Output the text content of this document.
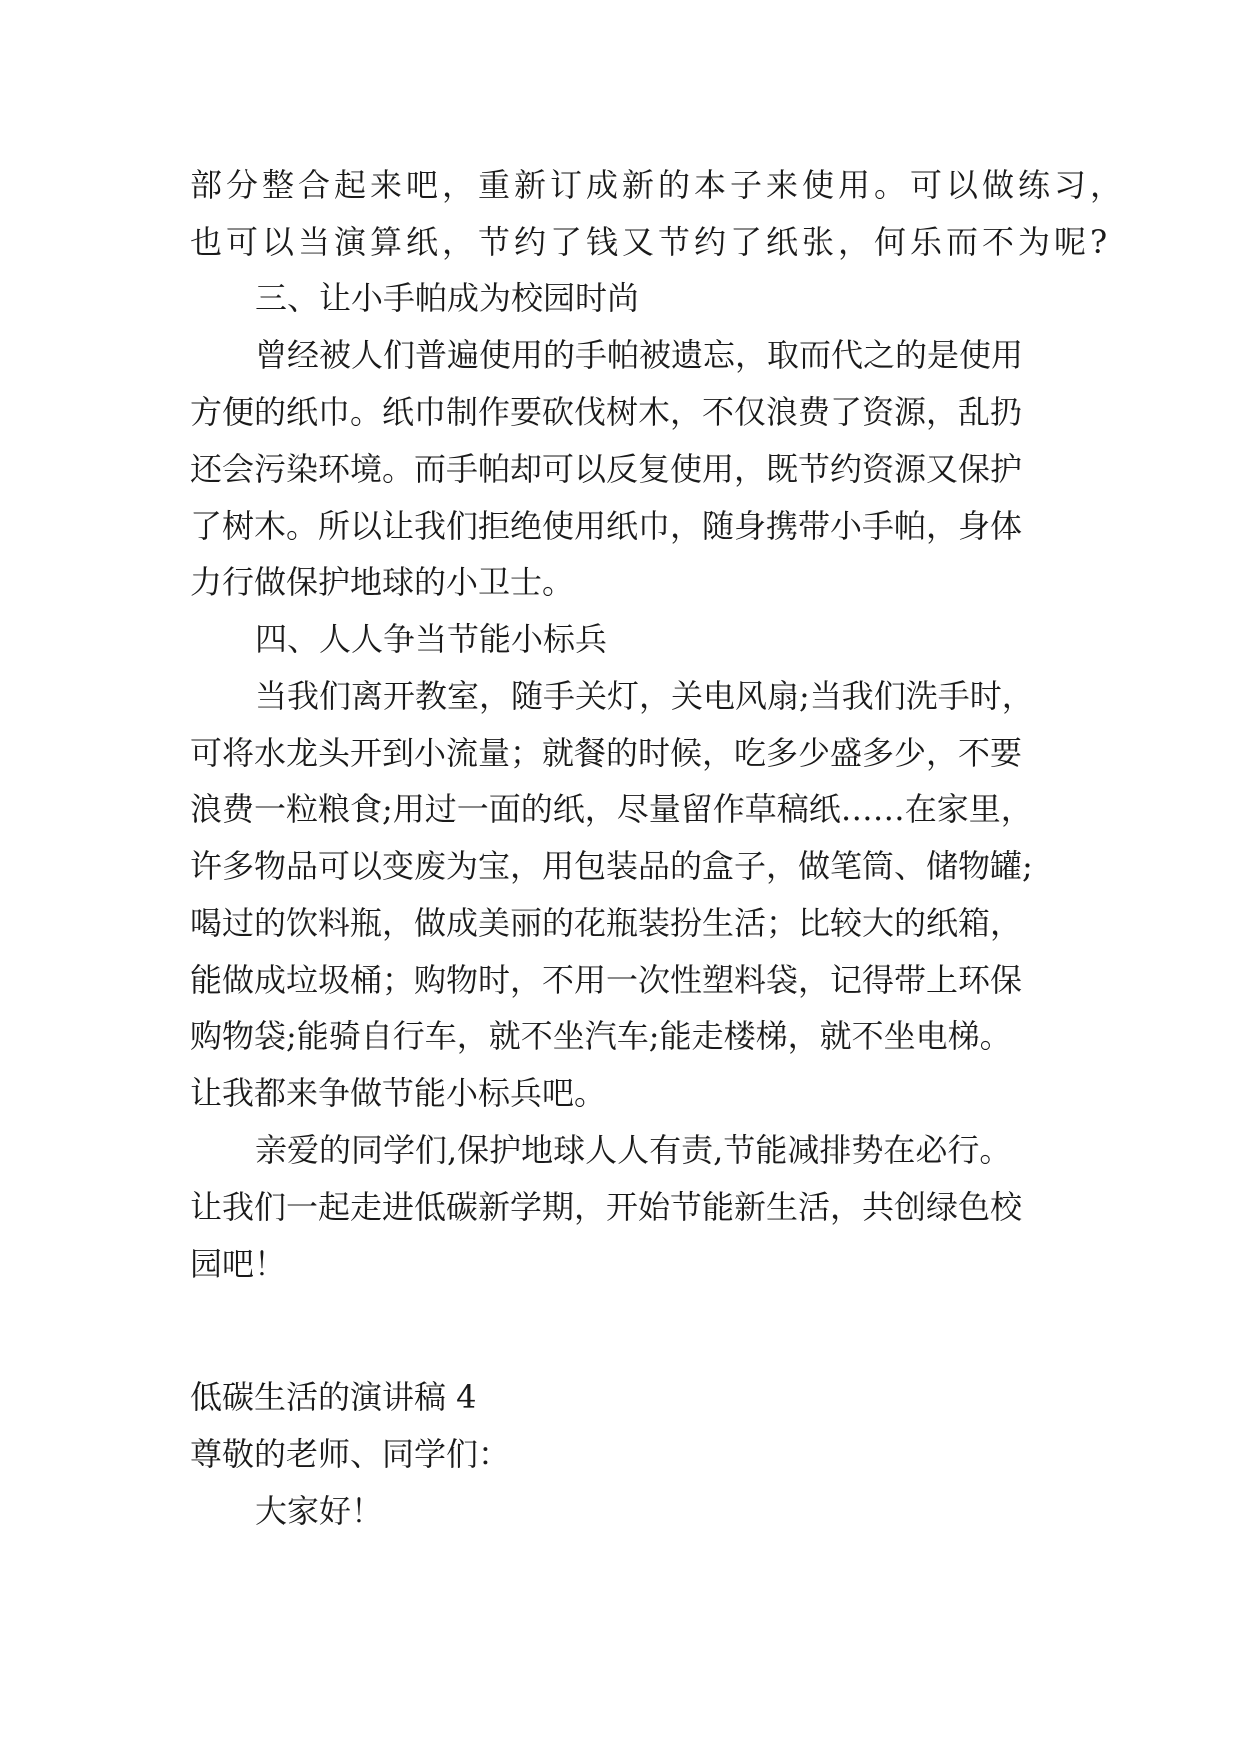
部分整合起来吧，重新订成新的本子来使用。可以做练习，
也可以当演算纸，节约了钱又节约了纸张，何乐而不为呢?
三、让小手帕成为校园时尚
曾经被人们普遍使用的手帕被遗忘，取而代之的是使用
方便的纸巾。纸巾制作要砍伐树木，不仅浪费了资源，乱扔
还会污染环境。而手帕却可以反复使用，既节约资源又保护
了树木。所以让我们拒绝使用纸巾，随身携带小手帕，身体
力行做保护地球的小卫士。
四、人人争当节能小标兵
当我们离开教室，随手关灯，关电风扇;当我们洗手时，
可将水龙头开到小流量；就餐的时候，吃多少盛多少，不要
浪费一粒粮食;用过一面的纸，尽量留作草稿纸……在家里，
许多物品可以变废为宝，用包装品的盒子，做笔筒、储物罐;
喝过的饮料瓶，做成美丽的花瓶装扮生活；比较大的纸箱，
能做成垃圾桶；购物时，不用一次性塑料袋，记得带上环保
购物袋;能骑自行车，就不坐汽车;能走楼梯，就不坐电梯。
让我都来争做节能小标兵吧。
亲爱的同学们,保护地球人人有责,节能减排势在必行。
让我们一起走进低碳新学期，开始节能新生活，共创绿色校
园吧！
低碳生活的演讲稿 4
尊敬的老师、同学们：
大家好！
